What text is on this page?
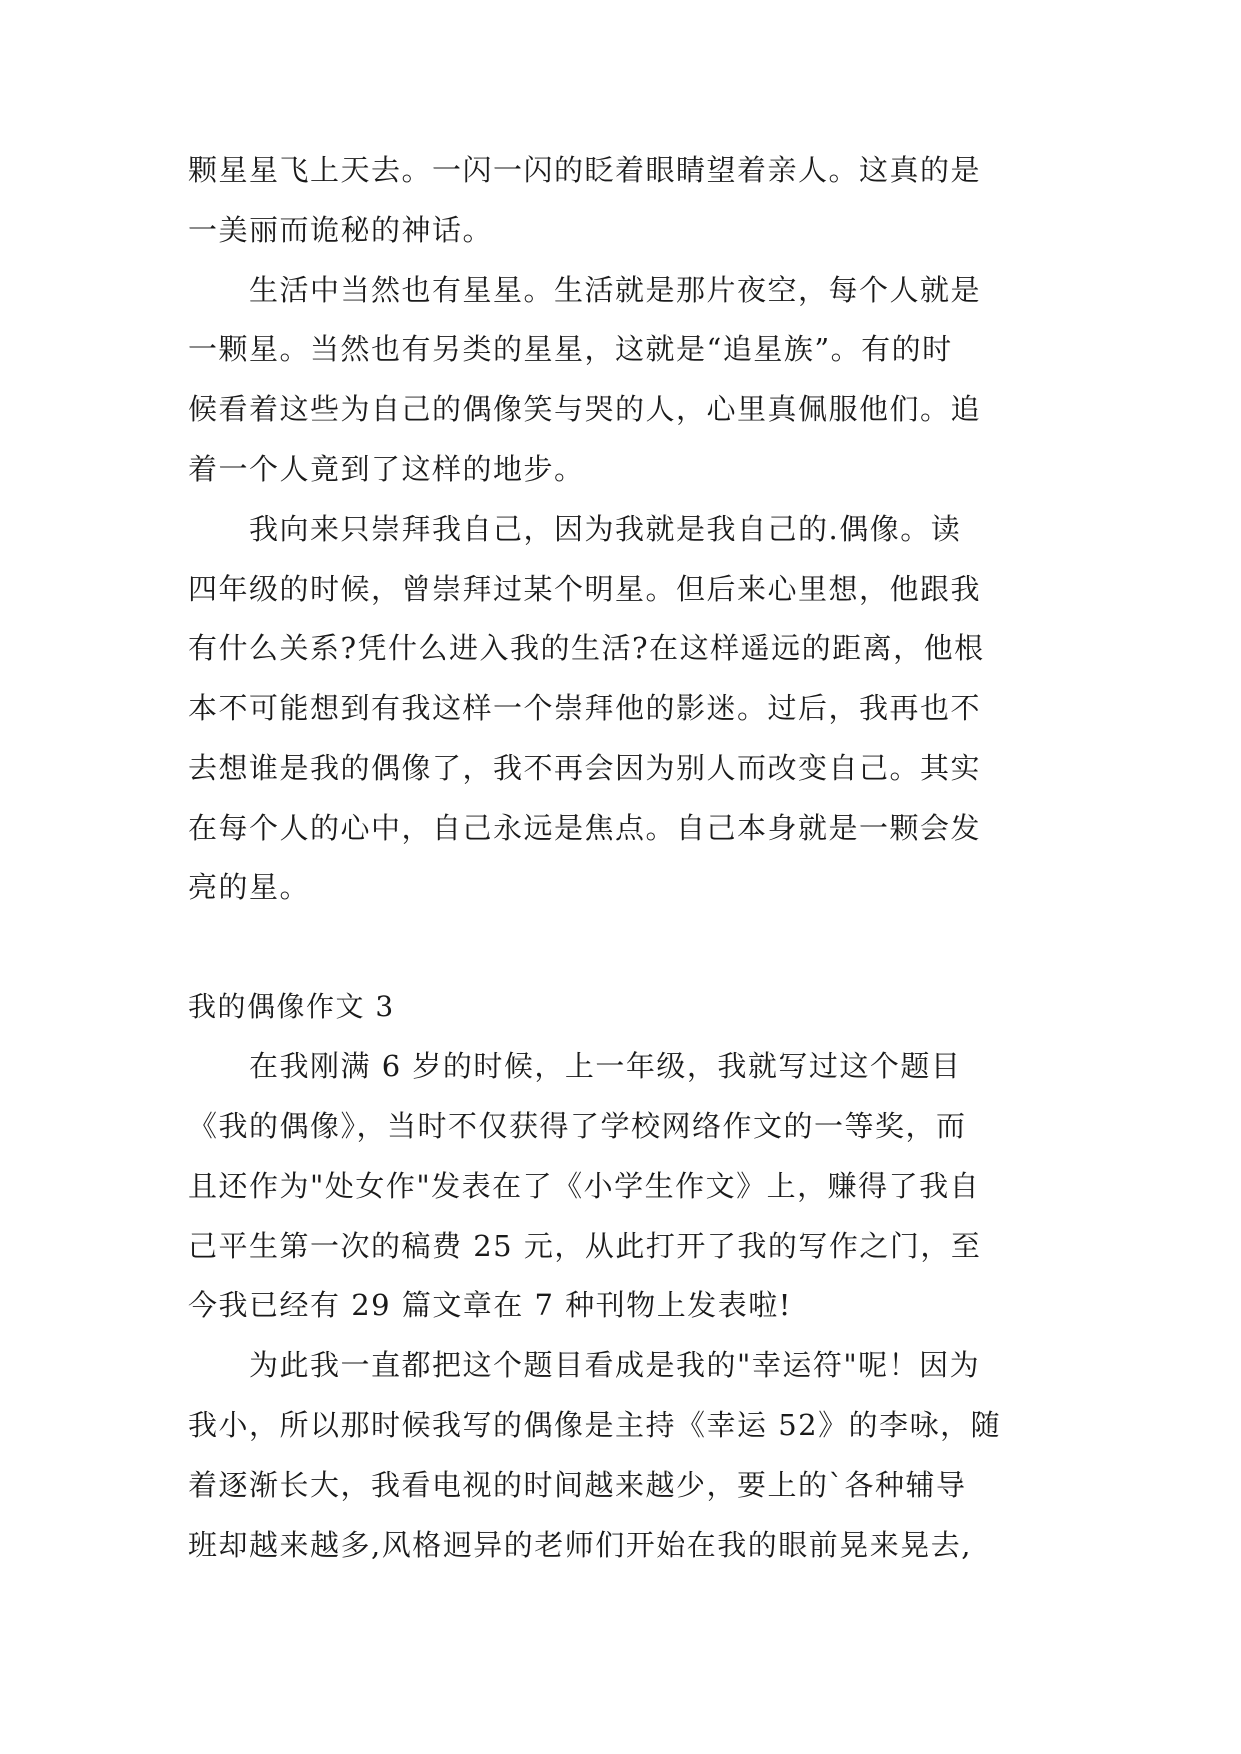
颗星星飞上天去。一闪一闪的眨着眼睛望着亲人。这真的是
一美丽而诡秘的神话。
　　生活中当然也有星星。生活就是那片夜空，每个人就是
一颗星。当然也有另类的星星，这就是“追星族”。有的时
候看着这些为自己的偶像笑与哭的人，心里真佩服他们。追
着一个人竟到了这样的地步。
　　我向来只崇拜我自己，因为我就是我自己的.偶像。读
四年级的时候，曾崇拜过某个明星。但后来心里想，他跟我
有什么关系?凭什么进入我的生活?在这样遥远的距离，他根
本不可能想到有我这样一个崇拜他的影迷。过后，我再也不
去想谁是我的偶像了，我不再会因为别人而改变自己。其实
在每个人的心中，自己永远是焦点。自己本身就是一颗会发
亮的星。
我的偶像作文 3
　　在我刚满 6 岁的时候，上一年级，我就写过这个题目
《我的偶像》，当时不仅获得了学校网络作文的一等奖，而
且还作为"处女作"发表在了《小学生作文》上，赚得了我自
己平生第一次的稿费 25 元，从此打开了我的写作之门，至
今我已经有 29 篇文章在 7 种刊物上发表啦!
　　为此我一直都把这个题目看成是我的"幸运符"呢！因为
我小，所以那时候我写的偶像是主持《幸运 52》的李咏，随
着逐渐长大，我看电视的时间越来越少，要上的`各种辅导
班却越来越多,风格迥异的老师们开始在我的眼前晃来晃去,
